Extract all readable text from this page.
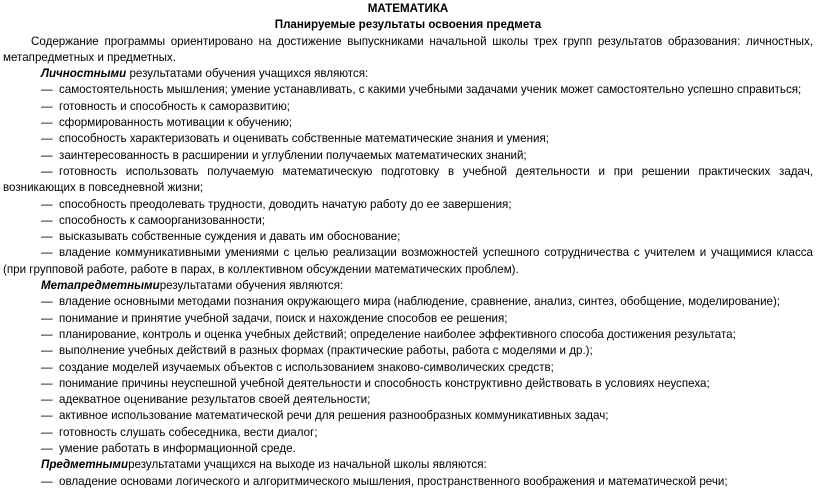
МАТЕМАТИКА
Планируемые результаты освоения предмета

Содержание программы ориентировано на достижение выпускниками начальной школы трех групп результатов образования: личностных, метапредметных и предметных.

Личностными результатами обучения учащихся являются:

— самостоятельность мышления; умение устанавливать, с какими учебными задачами ученик может самостоятельно успешно справиться;

— готовность и способность к саморазвитию;

— сформированность мотивации к обучению;

— способность характеризовать и оценивать собственные математические знания и умения;

— заинтересованность в расширении и углублении получаемых математических знаний;

— готовность использовать получаемую математическую подготовку в учебной деятельности и при решении практических задач, возникающих в повседневной жизни;

— способность преодолевать трудности, доводить начатую работу до ее завершения;

— способность к самоорганизованности;

— высказывать собственные суждения и давать им обоснование;

— владение коммуникативными умениями с целью реализации возможностей успешного сотрудничества с учителем и учащимися класса (при групповой работе, работе в парах, в коллективном обсуждении математических проблем).

Метапредметнымирезультатами обучения являются:

— владение основными методами познания окружающего мира (наблюдение, сравнение, анализ, синтез, обобщение, моделирование);

— понимание и принятие учебной задачи, поиск и нахождение способов ее решения;

— планирование, контроль и оценка учебных действий; определение наиболее эффективного способа достижения результата;

— выполнение учебных действий в разных формах (практические работы, работа с моделями и др.);

— создание моделей изучаемых объектов с использованием знаково-символических средств;

— понимание причины неуспешной учебной деятельности и способность конструктивно действовать в условиях неуспеха;

— адекватное оценивание результатов своей деятельности;

— активное использование математической речи для решения разнообразных коммуникативных задач;

— готовность слушать собеседника, вести диалог;

— умение работать в информационной среде.

Предметнымирезультатами учащихся на выходе из начальной школы являются:

— овладение основами логического и алгоритмического мышления, пространственного воображения и математической речи;
